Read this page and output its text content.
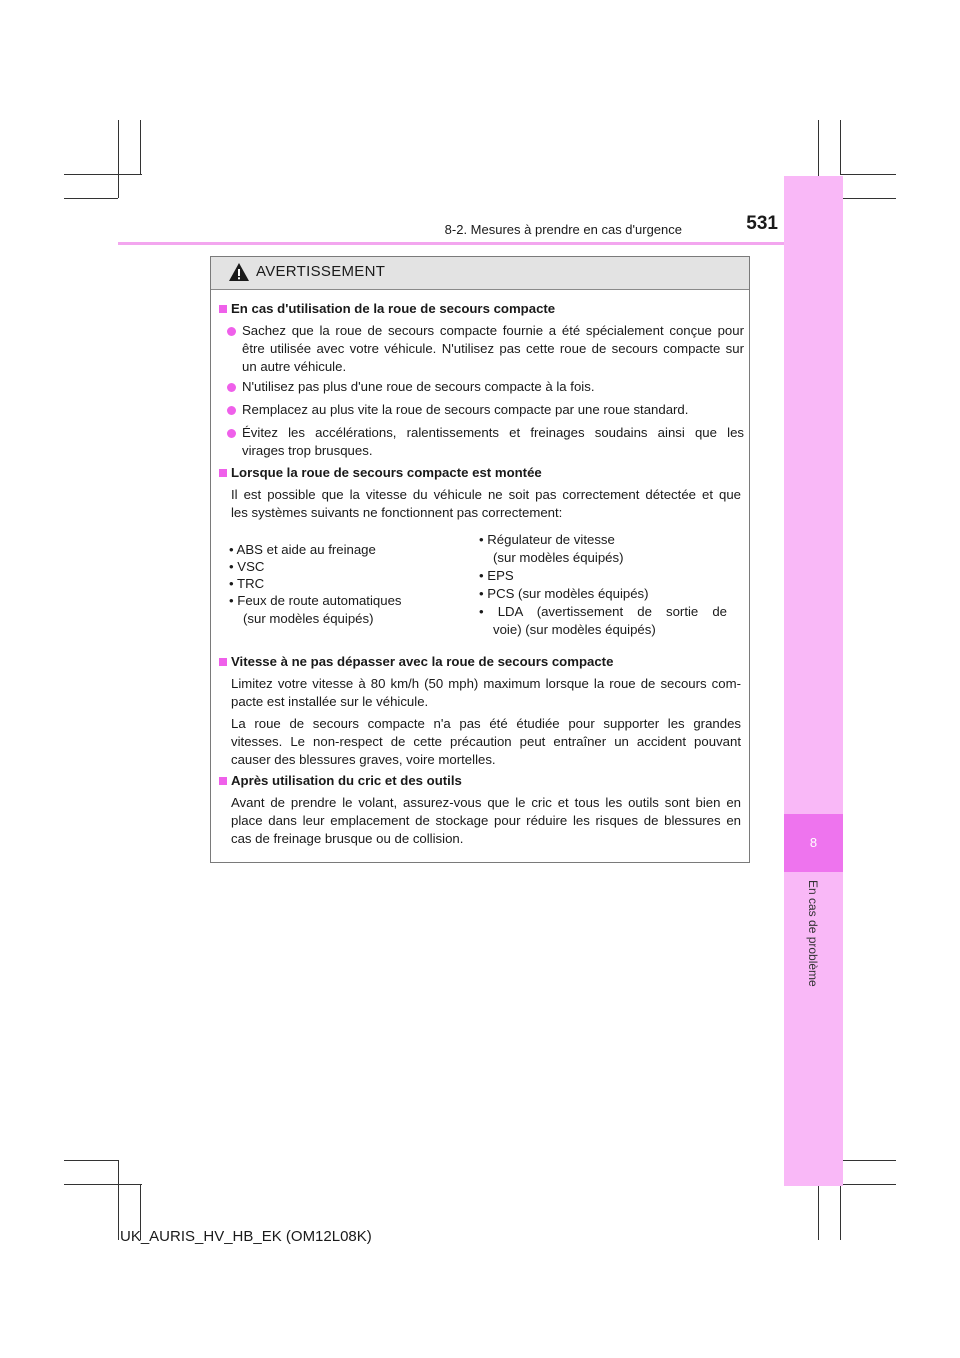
8-2. Mesures à prendre en cas d'urgence	531
8
En cas de problème
AVERTISSEMENT
En cas d'utilisation de la roue de secours compacte
Sachez que la roue de secours compacte fournie a été spécialement conçue pour
être utilisée avec votre véhicule. N'utilisez pas cette roue de secours compacte sur
un autre véhicule.
N'utilisez pas plus d'une roue de secours compacte à la fois.
Remplacez au plus vite la roue de secours compacte par une roue standard.
Évitez les accélérations, ralentissements et freinages soudains ainsi que les
virages trop brusques.
Lorsque la roue de secours compacte est montée
Il est possible que la vitesse du véhicule ne soit pas correctement détectée et que
les systèmes suivants ne fonctionnent pas correctement:
• ABS et aide au freinage
• VSC
• TRC
• Feux de route automatiques
(sur modèles équipés)
• Régulateur de vitesse
(sur modèles équipés)
• EPS
• PCS (sur modèles équipés)
• LDA (avertissement de sortie de
voie) (sur modèles équipés)
Vitesse à ne pas dépasser avec la roue de secours compacte
Limitez votre vitesse à 80 km/h (50 mph) maximum lorsque la roue de secours com-
pacte est installée sur le véhicule.
La roue de secours compacte n'a pas été étudiée pour supporter les grandes
vitesses. Le non-respect de cette précaution peut entraîner un accident pouvant
causer des blessures graves, voire mortelles.
Après utilisation du cric et des outils
Avant de prendre le volant, assurez-vous que le cric et tous les outils sont bien en
place dans leur emplacement de stockage pour réduire les risques de blessures en
cas de freinage brusque ou de collision.
UK_AURIS_HV_HB_EK (OM12L08K)
